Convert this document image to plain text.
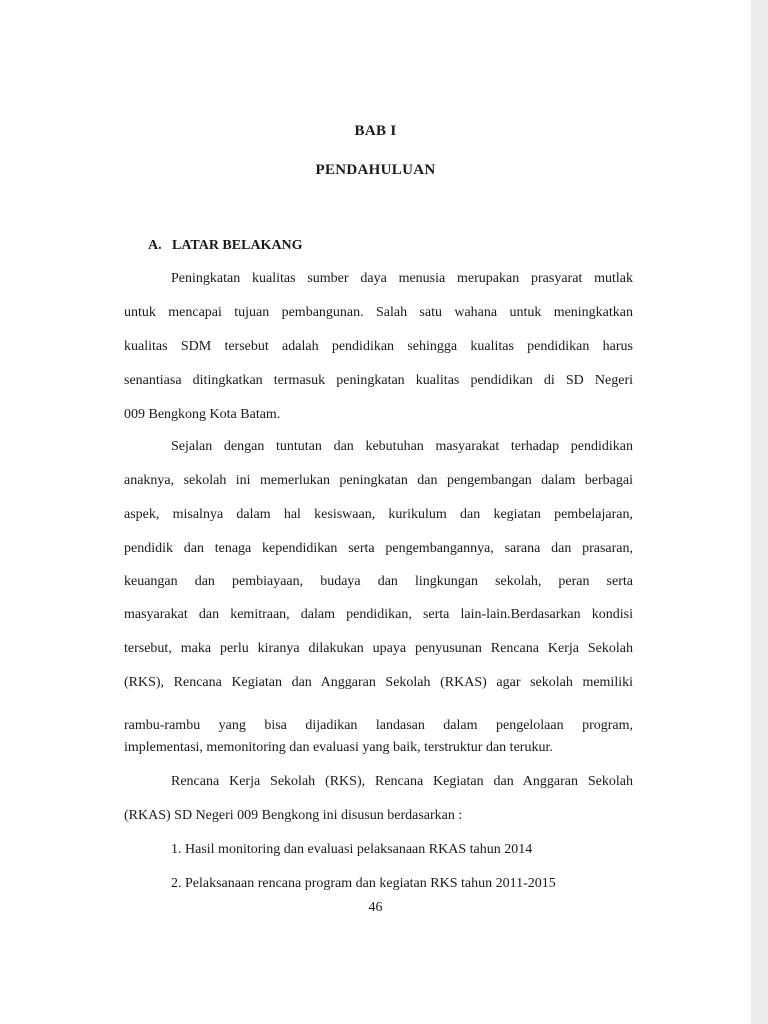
BAB I
PENDAHULUAN
A. LATAR BELAKANG
Peningkatan kualitas sumber daya menusia merupakan prasyarat mutlak
untuk mencapai tujuan pembangunan. Salah satu wahana untuk meningkatkan
kualitas SDM tersebut adalah pendidikan sehingga kualitas pendidikan harus
senantiasa ditingkatkan termasuk peningkatan kualitas pendidikan di SD Negeri
009 Bengkong Kota Batam.
Sejalan dengan tuntutan dan kebutuhan masyarakat terhadap pendidikan
anaknya, sekolah ini memerlukan peningkatan dan pengembangan dalam berbagai
aspek, misalnya dalam hal kesiswaan, kurikulum dan kegiatan pembelajaran,
pendidik dan tenaga kependidikan serta pengembangannya, sarana dan prasaran,
keuangan dan pembiayaan, budaya dan lingkungan sekolah, peran serta
masyarakat dan kemitraan, dalam pendidikan, serta lain-lain.Berdasarkan kondisi
tersebut, maka perlu kiranya dilakukan upaya penyusunan Rencana Kerja Sekolah
(RKS), Rencana Kegiatan dan Anggaran Sekolah (RKAS) agar sekolah memiliki
rambu-rambu yang bisa dijadikan landasan dalam pengelolaan program,
implementasi, memonitoring dan evaluasi yang baik, terstruktur dan terukur.
Rencana Kerja Sekolah (RKS), Rencana Kegiatan dan Anggaran Sekolah
(RKAS) SD Negeri 009 Bengkong ini disusun berdasarkan :
1. Hasil monitoring dan evaluasi pelaksanaan RKAS tahun 2014
2. Pelaksanaan rencana program dan kegiatan RKS tahun 2011-2015
46
